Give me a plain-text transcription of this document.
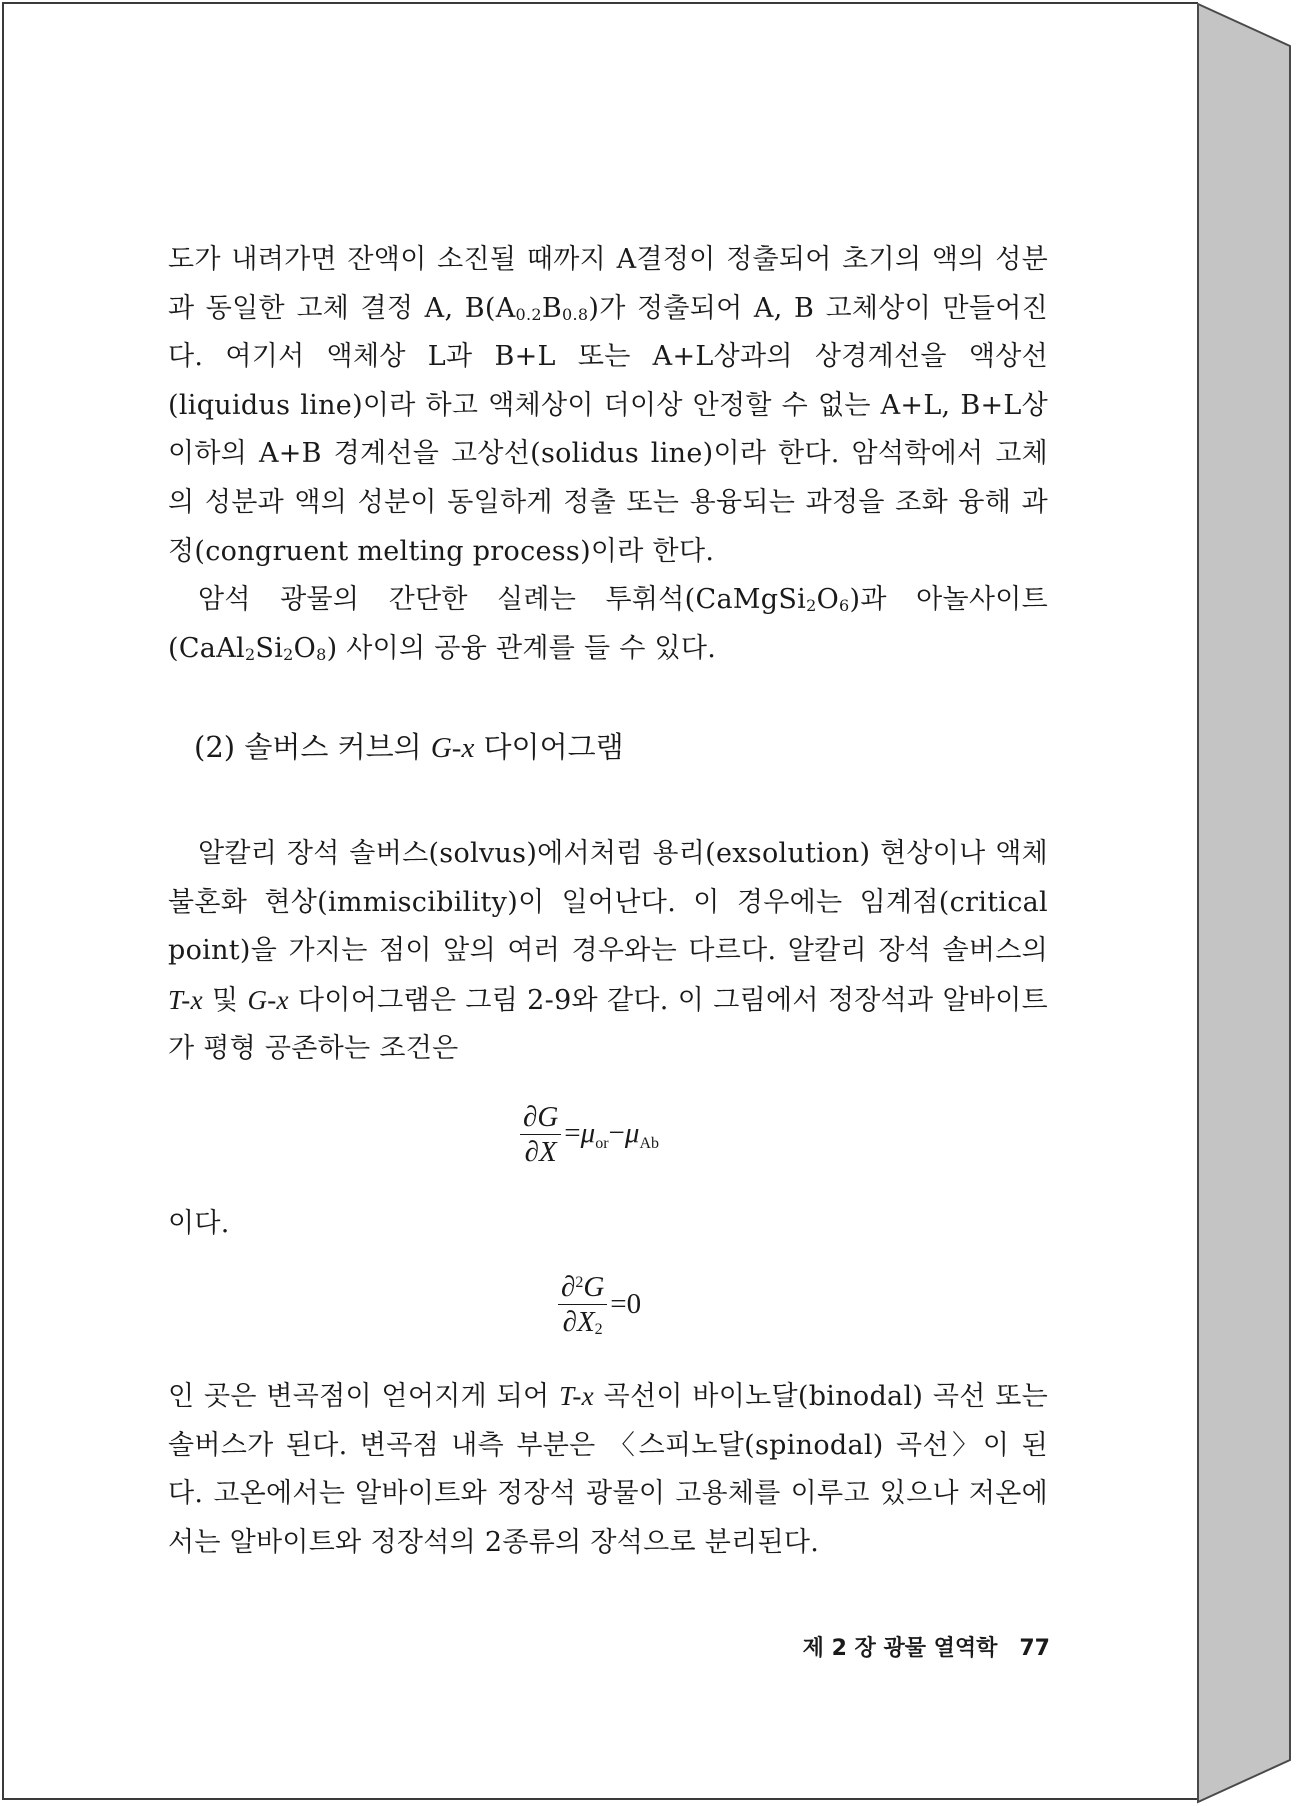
도가 내려가면 잔액이 소진될 때까지 A결정이 정출되어 초기의 액의 성분과 동일한 고체 결정 A, $B(A_{0.2}B_{0.8})$가 정출되어 A, B 고체상이 만들어진다. 여기서 액체상 L과 B+L 또는 A+L상과의 상경계선을 액상선(liquidus line)이라 하고 액체상이 더이상 안정할 수 없는 A+L, B+L상 이하의 A+B 경계선을 고상선(solidus line)이라 한다. 암석학에서 고체의 성분과 액의 성분이 동일하게 정출 또는 용융되는 과정을 조화 융해 과정(congruent melting process)이라 한다.

암석 광물의 간단한 실례는 투휘석$(CaMgSi_2O_6)$과 아놀사이트$(CaAl_2Si_2O_8)$ 사이의 공융 관계를 들 수 있다.

(2) 솔버스 커브의 G-x 다이어그램

알칼리 장석 솔버스(solvus)에서처럼 용리(exsolution) 현상이나 액체불혼화 현상(immiscibility)이 일어난다. 이 경우에는 임계점(critical point)을 가지는 점이 앞의 여러 경우와는 다르다. 알칼리 장석 솔버스의 T-x 및 G-x 다이어그램은 그림 2-9와 같다. 이 그림에서 정장석과 알바이트가 평형 공존하는 조건은

$\frac{\partial G}{\partial X} =\mu_{or}-\mu_{Ab}$
이다.
$\frac{\partial^2G}{\partial X_2} =0$

인 곳은 변곡점이 얻어지게 되어 T-x 곡선이 바이노달(binodal) 곡선 또는 솔버스가 된다. 변곡점 내측 부분은 〈스피노달(spinodal) 곡선〉이 된다. 고온에서는 알바이트와 정장석 광물이 고용체를 이루고 있으나 저온에서는 알바이트와 정장석의 2종류의 장석으로 분리된다.

제 2 장 광물 열역학 77
